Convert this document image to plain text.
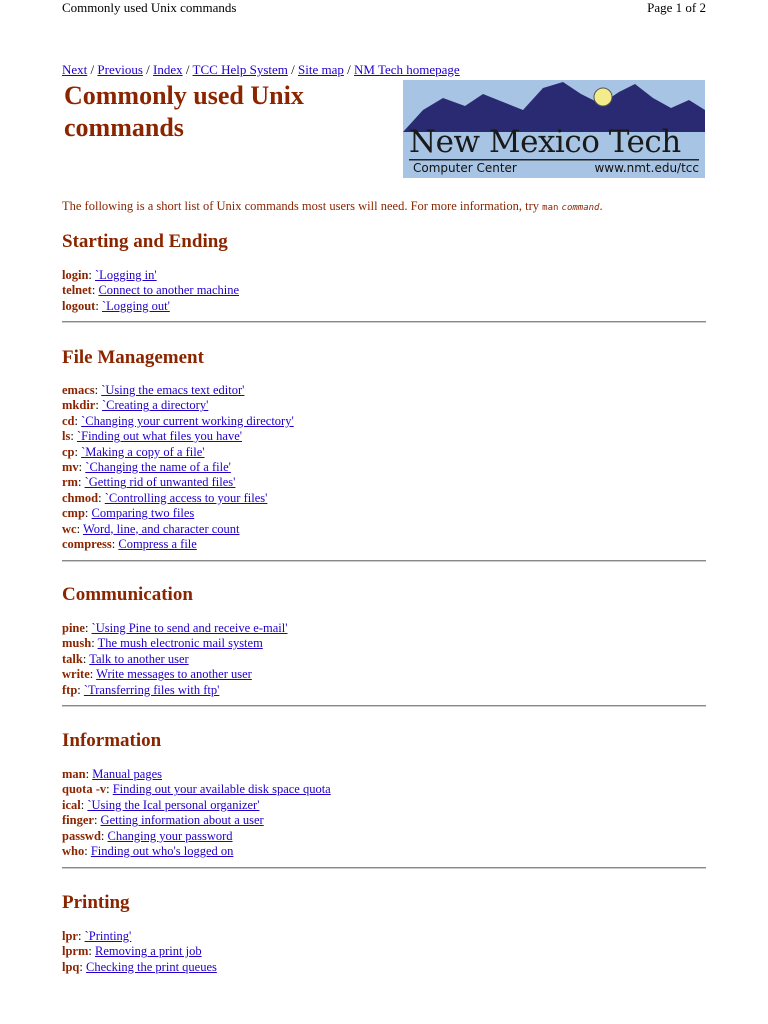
Commonly used Unix commands	Page 1 of 2
Next / Previous / Index / TCC Help System / Site map / NM Tech homepage
Commonly used Unix
commands	New Mexico Tech
Computer Center	www.nmt.edu/tcc

The following is a short list of Unix commands most users will need. For more information, try man command.

Starting and Ending
login: `Logging in'
telnet: Connect to another machine
logout: `Logging out'
File Management
emacs: `Using the emacs text editor'
mkdir: `Creating a directory'
cd: `Changing your current working directory'
ls: `Finding out what files you have'
cp: `Making a copy of a file'
mv: `Changing the name of a file'
rm: `Getting rid of unwanted files'
chmod: `Controlling access to your files'
cmp: Comparing two files
wc: Word, line, and character count
compress: Compress a file
Communication
pine: `Using Pine to send and receive e-mail'
mush: The mush electronic mail system
talk: Talk to another user
write: Write messages to another user
ftp: `Transferring files with ftp'
Information
man: Manual pages
quota -v: Finding out your available disk space quota
ical: `Using the Ical personal organizer'
finger: Getting information about a user
passwd: Changing your password
who: Finding out who's logged on
Printing
lpr: `Printing'
lprm: Removing a print job
lpq: Checking the print queues
